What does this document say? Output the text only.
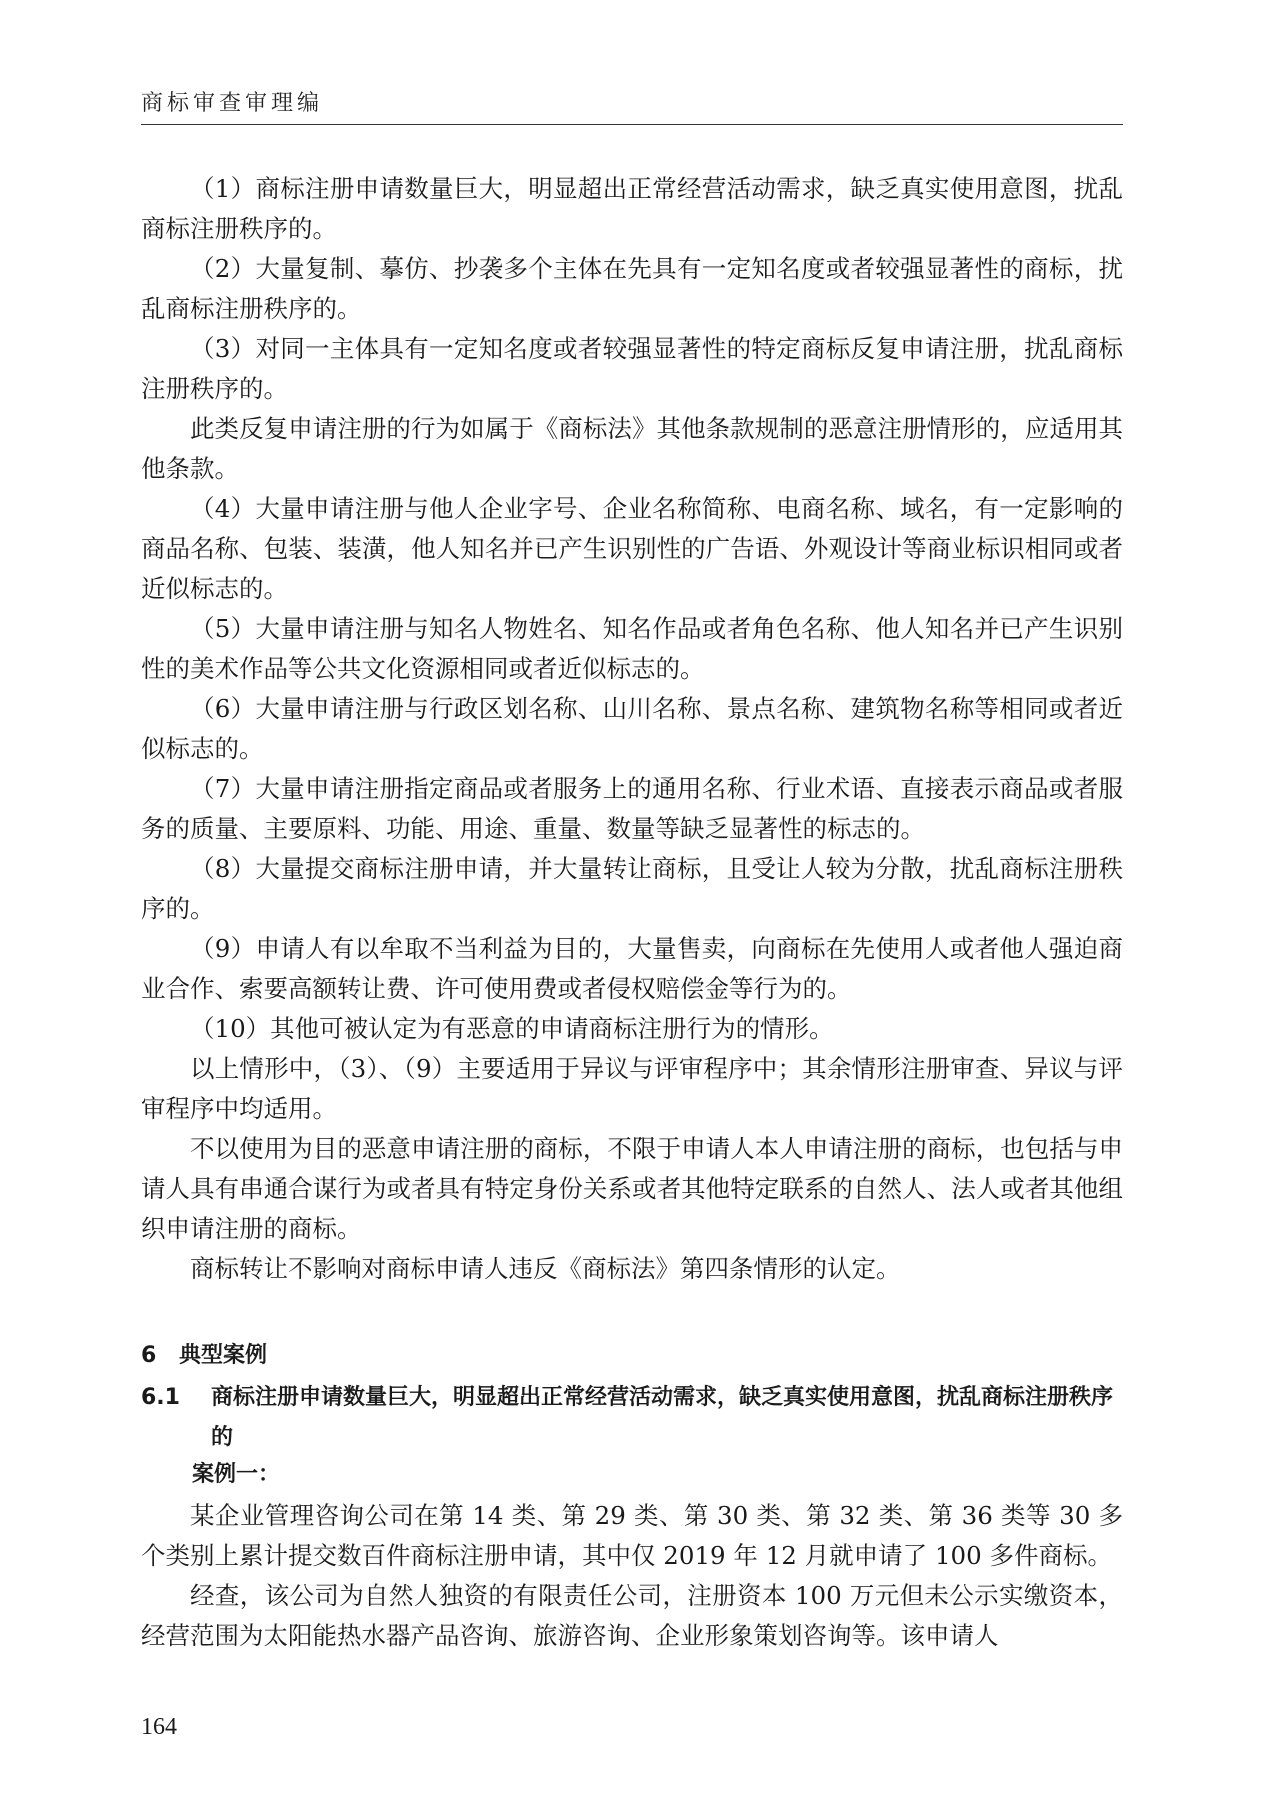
商标审查审理编

（1）商标注册申请数量巨大，明显超出正常经营活动需求，缺乏真实使用意图，扰乱商标注册秩序的。

（2）大量复制、摹仿、抄袭多个主体在先具有一定知名度或者较强显著性的商标，扰乱商标注册秩序的。

（3）对同一主体具有一定知名度或者较强显著性的特定商标反复申请注册，扰乱商标注册秩序的。

此类反复申请注册的行为如属于《商标法》其他条款规制的恶意注册情形的，应适用其他条款。

（4）大量申请注册与他人企业字号、企业名称简称、电商名称、域名，有一定影响的商品名称、包装、装潢，他人知名并已产生识别性的广告语、外观设计等商业标识相同或者近似标志的。

（5）大量申请注册与知名人物姓名、知名作品或者角色名称、他人知名并已产生识别性的美术作品等公共文化资源相同或者近似标志的。

（6）大量申请注册与行政区划名称、山川名称、景点名称、建筑物名称等相同或者近似标志的。

（7）大量申请注册指定商品或者服务上的通用名称、行业术语、直接表示商品或者服务的质量、主要原料、功能、用途、重量、数量等缺乏显著性的标志的。

（8）大量提交商标注册申请，并大量转让商标，且受让人较为分散，扰乱商标注册秩序的。

（9）申请人有以牟取不当利益为目的，大量售卖，向商标在先使用人或者他人强迫商业合作、索要高额转让费、许可使用费或者侵权赔偿金等行为的。

（10）其他可被认定为有恶意的申请商标注册行为的情形。

以上情形中，（3）、（9）主要适用于异议与评审程序中；其余情形注册审查、异议与评审程序中均适用。

不以使用为目的恶意申请注册的商标，不限于申请人本人申请注册的商标，也包括与申请人具有串通合谋行为或者具有特定身份关系或者其他特定联系的自然人、法人或者其他组织申请注册的商标。

商标转让不影响对商标申请人违反《商标法》第四条情形的认定。

6 典型案例
6.1 商标注册申请数量巨大，明显超出正常经营活动需求，缺乏真实使用意图，扰乱商标注册秩序的
案例一：

某企业管理咨询公司在第 14 类、第 29 类、第 30 类、第 32 类、第 36 类等 30 多个类别上累计提交数百件商标注册申请，其中仅 2019 年 12 月就申请了 100 多件商标。

经查，该公司为自然人独资的有限责任公司，注册资本 100 万元但未公示实缴资本，经营范围为太阳能热水器产品咨询、旅游咨询、企业形象策划咨询等。该申请人

164
